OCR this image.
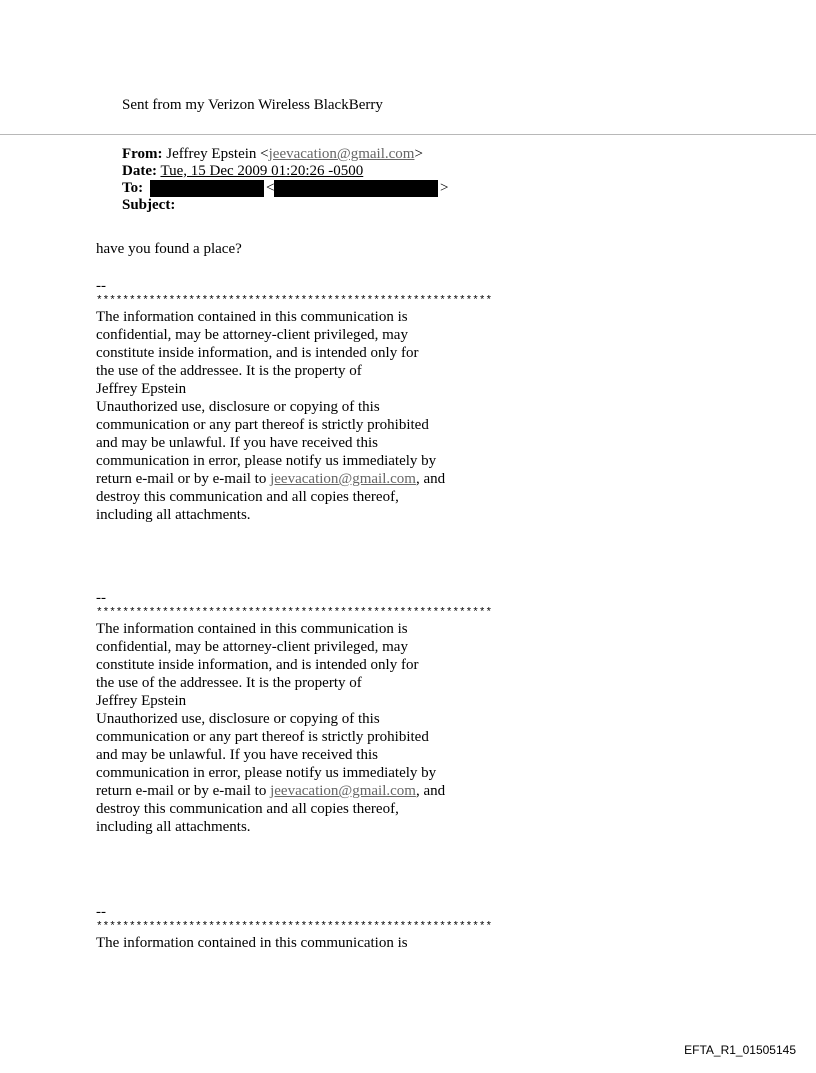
Sent from my Verizon Wireless BlackBerry
From: Jeffrey Epstein <jeevacation@gmail.com>
Date: Tue, 15 Dec 2009 01:20:26 -0500
To:	<	>
Subject:
have you found a place?
--
************************************************************
The information contained in this communication is
confidential, may be attorney-client privileged, may
constitute inside information, and is intended only for
the use of the addressee. It is the property of
Jeffrey Epstein
Unauthorized use, disclosure or copying of this
communication or any part thereof is strictly prohibited
and may be unlawful. If you have received this
communication in error, please notify us immediately by
return e-mail or by e-mail to jeevacation@gmail.com, and
destroy this communication and all copies thereof,
including all attachments.
--
************************************************************
The information contained in this communication is
confidential, may be attorney-client privileged, may
constitute inside information, and is intended only for
the use of the addressee. It is the property of
Jeffrey Epstein
Unauthorized use, disclosure or copying of this
communication or any part thereof is strictly prohibited
and may be unlawful. If you have received this
communication in error, please notify us immediately by
return e-mail or by e-mail to jeevacation@gmail.com, and
destroy this communication and all copies thereof,
including all attachments.
--
************************************************************
The information contained in this communication is
EFTA_R1_01505145
